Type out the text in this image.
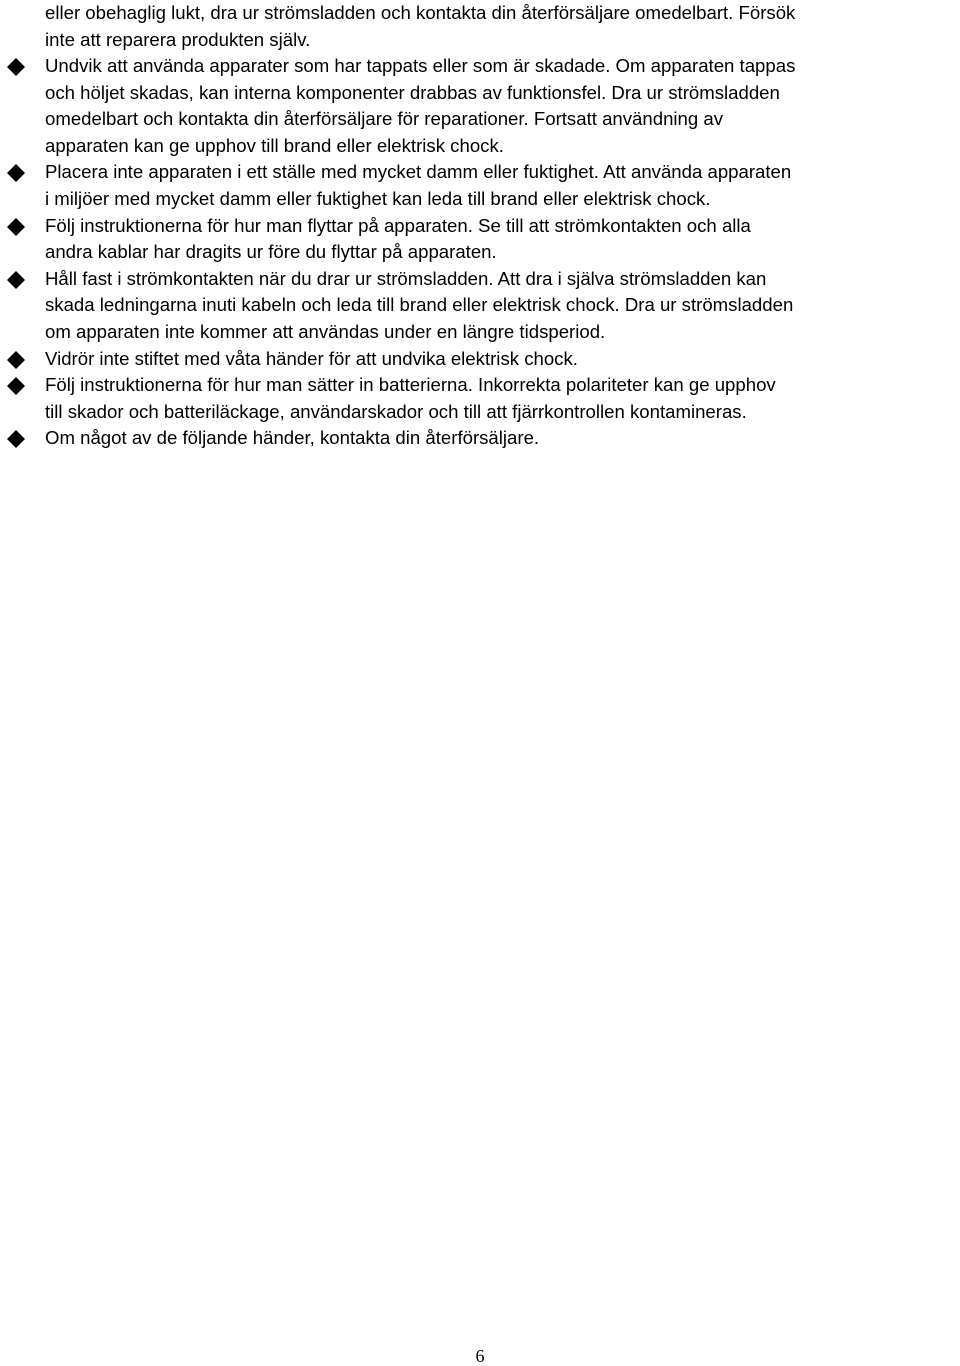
eller obehaglig lukt, dra ur strömsladden och kontakta din återförsäljare omedelbart. Försök
inte att reparera produkten själv.

Undvik att använda apparater som har tappats eller som är skadade. Om apparaten tappas
och höljet skadas, kan interna komponenter drabbas av funktionsfel. Dra ur strömsladden
omedelbart och kontakta din återförsäljare för reparationer. Fortsatt användning av
apparaten kan ge upphov till brand eller elektrisk chock.
Placera inte apparaten i ett ställe med mycket damm eller fuktighet. Att använda apparaten
i miljöer med mycket damm eller fuktighet kan leda till brand eller elektrisk chock.
Följ instruktionerna för hur man flyttar på apparaten. Se till att strömkontakten och alla
andra kablar har dragits ur före du flyttar på apparaten.
Håll fast i strömkontakten när du drar ur strömsladden. Att dra i själva strömsladden kan
skada ledningarna inuti kabeln och leda till brand eller elektrisk chock. Dra ur strömsladden
om apparaten inte kommer att användas under en längre tidsperiod.
Vidrör inte stiftet med våta händer för att undvika elektrisk chock.
Följ instruktionerna för hur man sätter in batterierna. Inkorrekta polariteter kan ge upphov
till skador och batteriläckage, användarskador och till att fjärrkontrollen kontamineras.
Om något av de följande händer, kontakta din återförsäljare.
6
